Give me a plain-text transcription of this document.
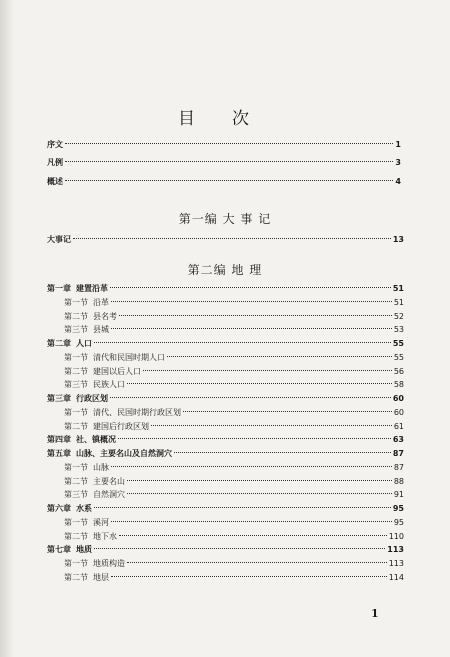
目 次
序文	1
凡例	3
概述	4
第一编 大 事 记
大事记	13
第二编 地 理
第一章 建置沿革	51
第一节 沿革	51
第二节 县名考	52
第三节 县城	53
第二章 人口	55
第一节 清代和民国时期人口	55
第二节 建国以后人口	56
第三节 民族人口	58
第三章 行政区划	60
第一节 清代、民国时期行政区划	60
第二节 建国后行政区划	61
第四章 社、镇概况	63
第五章 山脉、主要名山及自然洞穴	87
第一节 山脉	87
第二节 主要名山	88
第三节 自然洞穴	91
第六章 水系	95
第一节 溪河	95
第二节 地下水	110
第七章 地质	113
第一节 地质构造	113
第二节 地层	114
1
